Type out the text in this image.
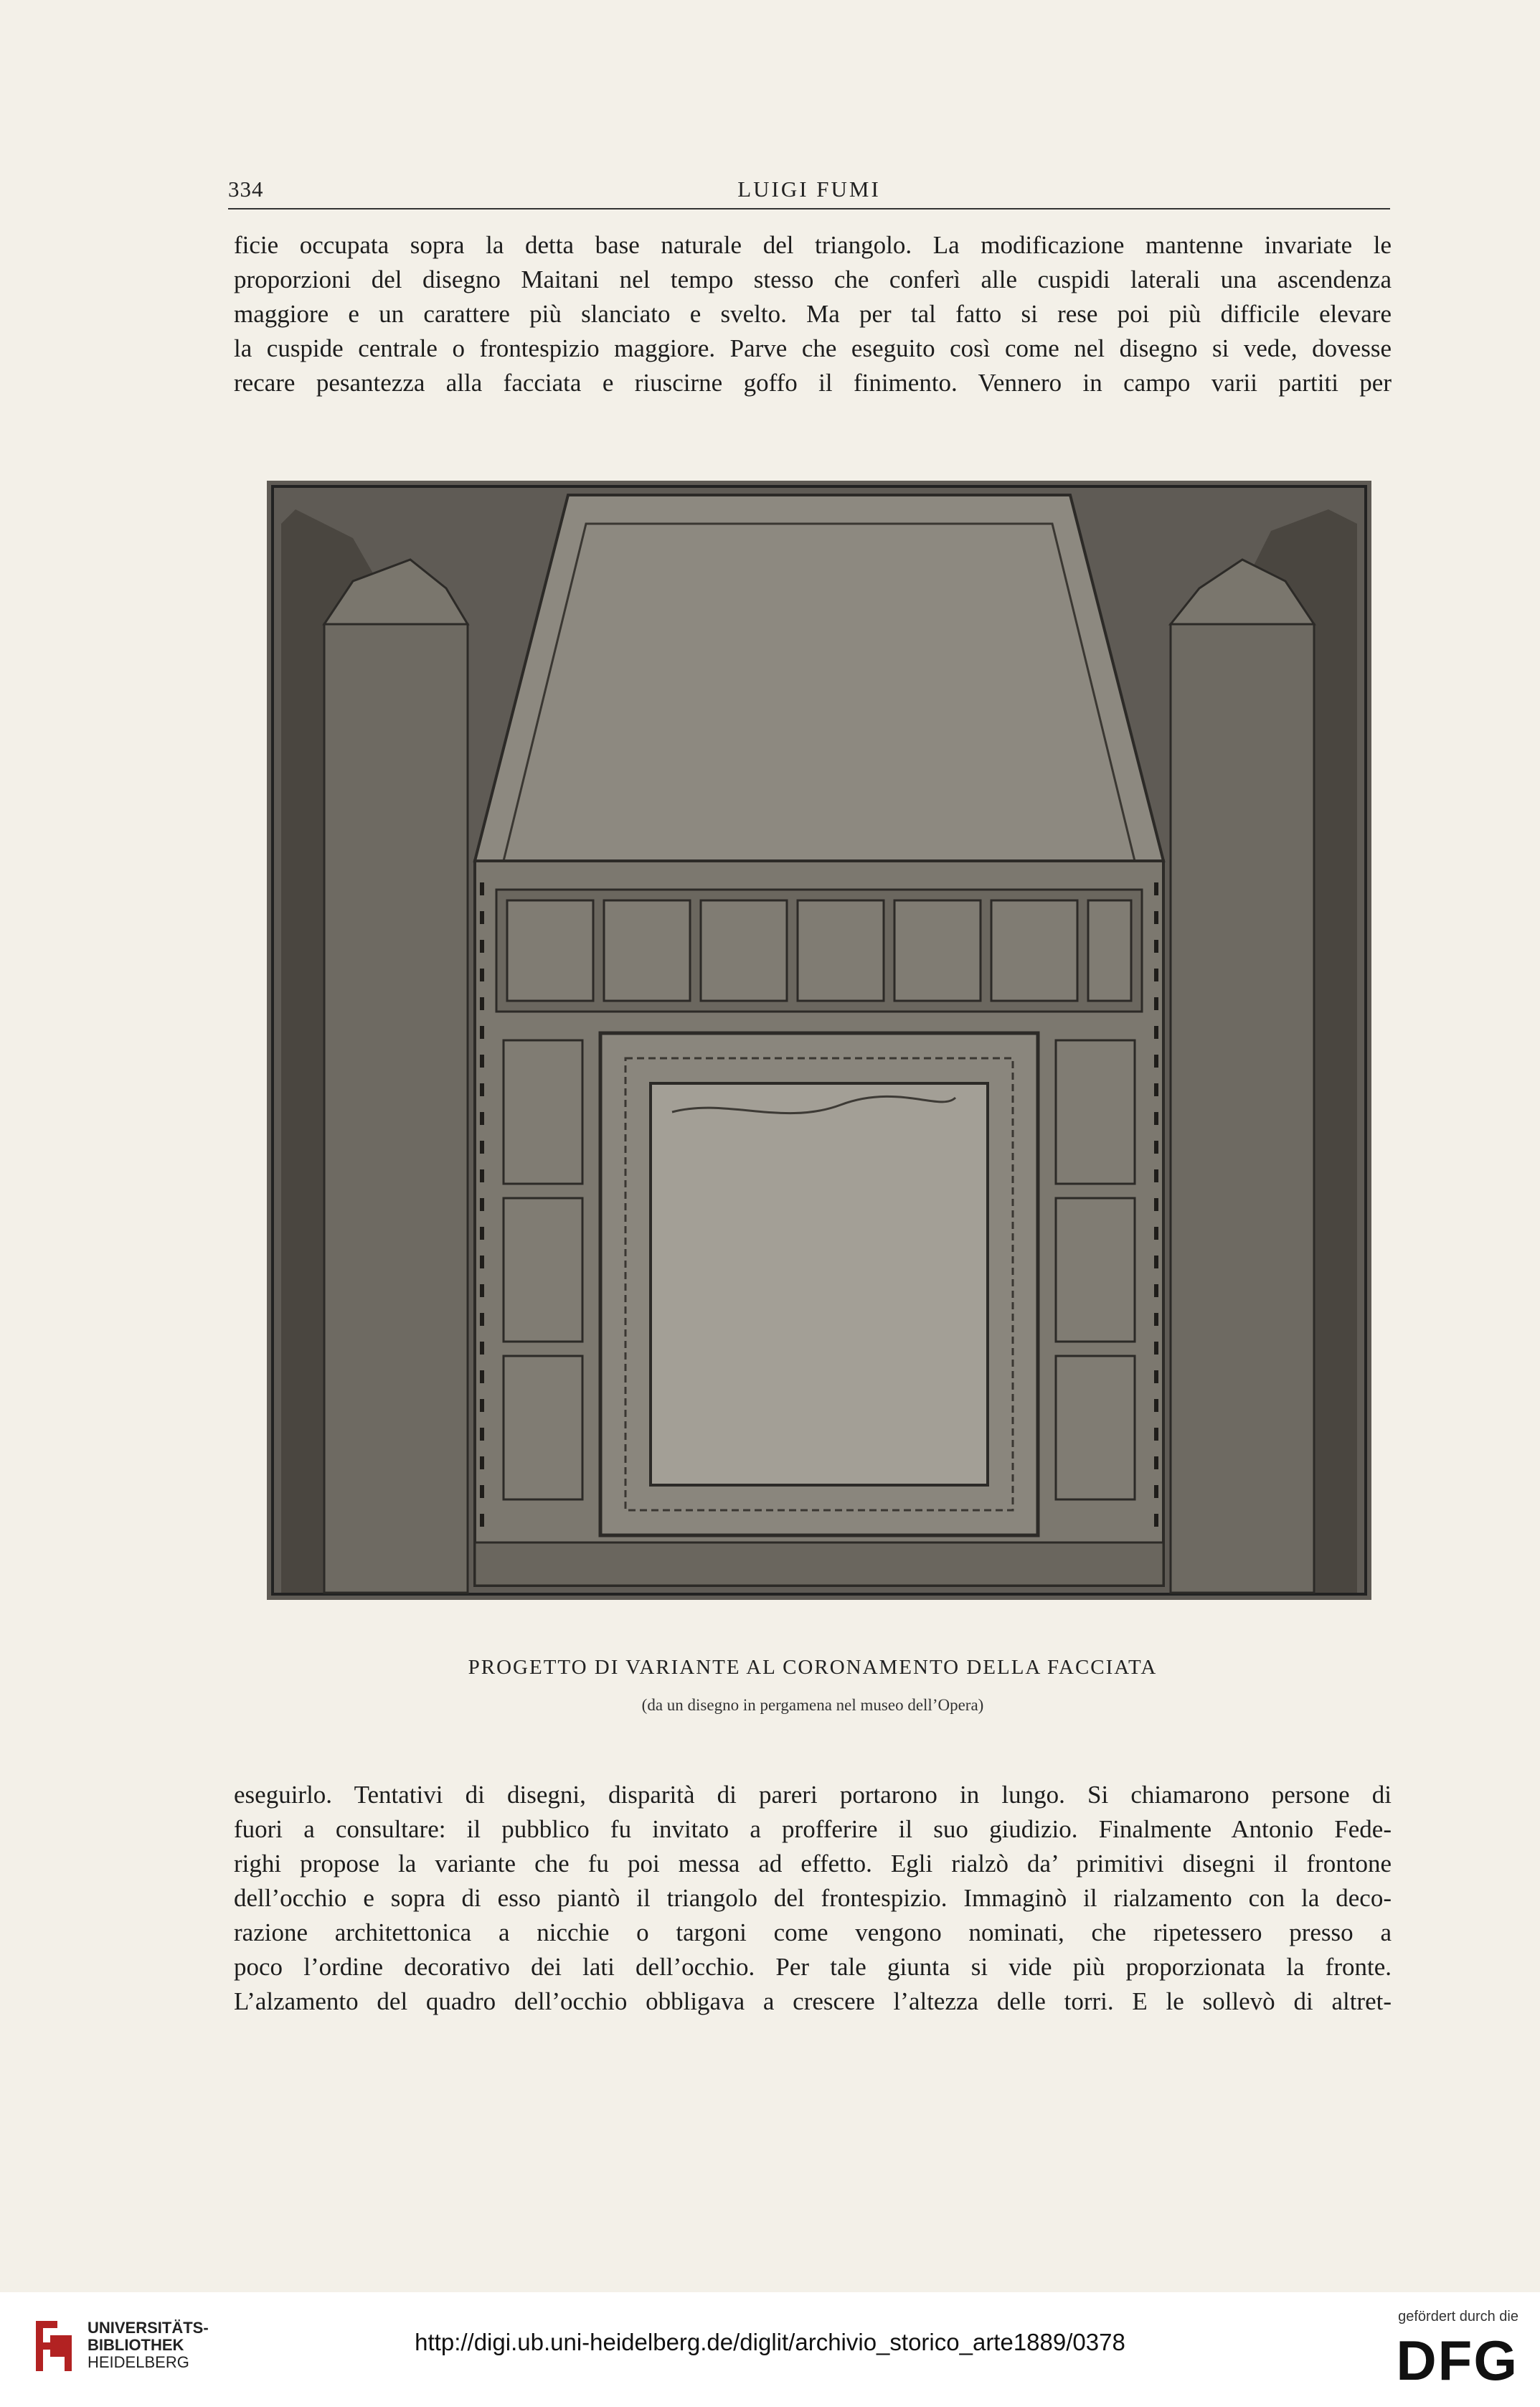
334	LUIGI FUMI

ficie occupata sopra la detta base naturale del triangolo. La modificazione mantenne invariate le
proporzioni del disegno Maitani nel tempo stesso che conferì alle cuspidi laterali una ascendenza
maggiore e un carattere più slanciato e svelto. Ma per tal fatto si rese poi più difficile elevare
la cuspide centrale o frontespizio maggiore. Parve che eseguito così come nel disegno si vede, dovesse
recare pesantezza alla facciata e riuscirne goffo il finimento. Vennero in campo varii partiti per

PROGETTO DI VARIANTE AL CORONAMENTO DELLA FACCIATA
(da un disegno in pergamena nel museo dell’Opera)

eseguirlo. Tentativi di disegni, disparità di pareri portarono in lungo. Si chiamarono persone di
fuori a consultare: il pubblico fu invitato a profferire il suo giudizio. Finalmente Antonio Fede-
righi propose la variante che fu poi messa ad effetto. Egli rialzò da’ primitivi disegni il frontone
dell’occhio e sopra di esso piantò il triangolo del frontespizio. Immaginò il rialzamento con la deco-
razione architettonica a nicchie o targoni come vengono nominati, che ripetessero presso a
poco l’ordine decorativo dei lati dell’occhio. Per tale giunta si vide più proporzionata la fronte.
L’alzamento del quadro dell’occhio obbligava a crescere l’altezza delle torri. E le sollevò di altret-

UNIVERSITÄTS-
BIBLIOTHEK
HEIDELBERG
http://digi.ub.uni-heidelberg.de/diglit/archivio_storico_arte1889/0378
gefördert durch die
DFG
